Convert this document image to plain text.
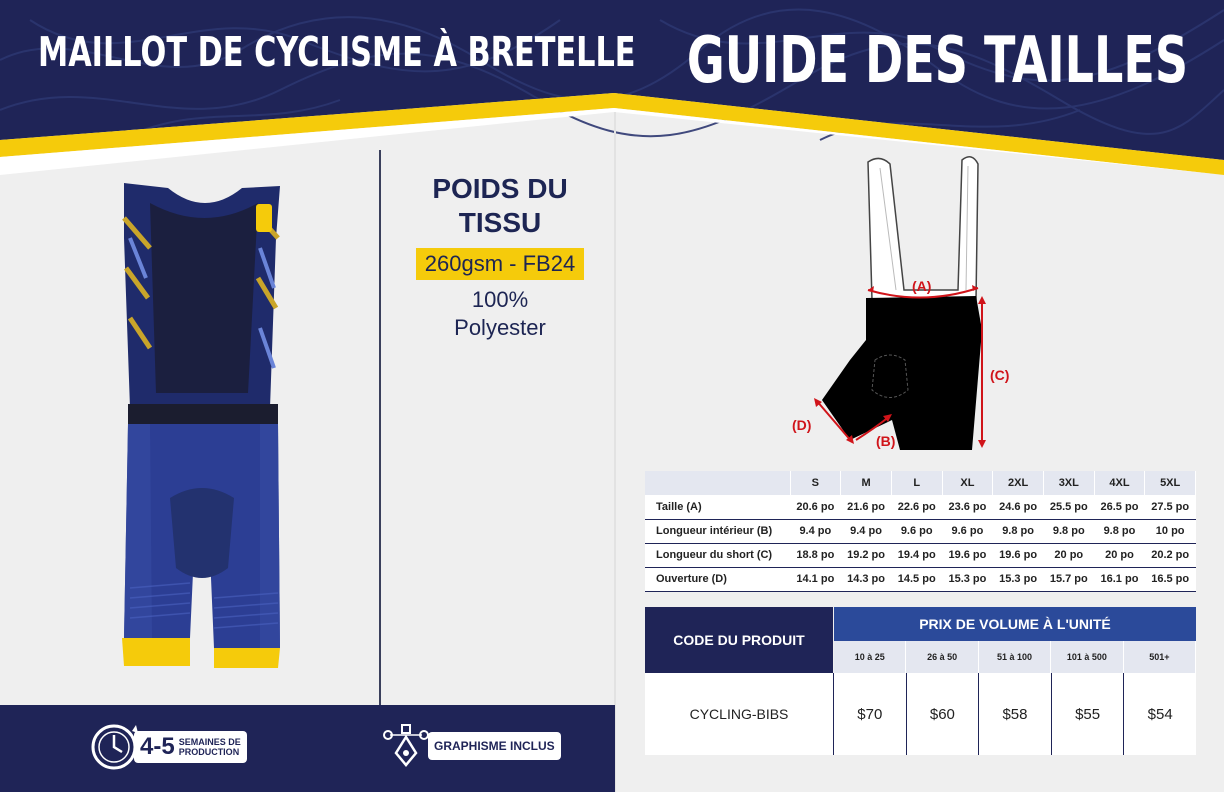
MAILLOT DE CYCLISME À BRETELLE GUIDE DES TAILLES
POIDS DU TISSU
260gsm - FB24
100%
Polyester
4-5 SEMAINES DE
PRODUCTION	GRAPHISME INCLUS
(A)
(C)
(D)
(B)
	S	M	L	XL	2XL	3XL	4XL	5XL
Taille (A)	20.6 po	21.6 po	22.6 po	23.6 po	24.6 po	25.5 po	26.5 po	27.5 po
Longueur intérieur (B)	9.4 po	9.4 po	9.6 po	9.6 po	9.8 po	9.8 po	9.8 po	10 po
Longueur du short (C)	18.8 po	19.2 po	19.4 po	19.6 po	19.6 po	20 po	20 po	20.2 po
Ouverture (D)	14.1 po	14.3 po	14.5 po	15.3 po	15.3 po	15.7 po	16.1 po	16.5 po
CODE DU PRODUIT
PRIX DE VOLUME À L'UNITÉ
10 à 25	26 à 50	51 à 100	101 à 500	501+
CYCLING-BIBS	$70	$60	$58	$55	$54
